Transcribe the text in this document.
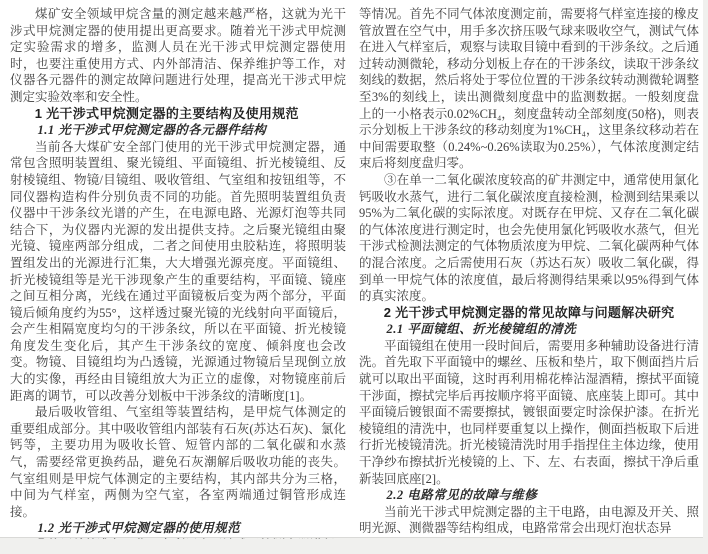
煤矿安全领域甲烷含量的测定越来越严格，这就为光干涉式甲烷测定器的使用提出更高要求。随着光干涉式甲烷测定实验需求的增多，监测人员在光干涉式甲烷测定器使用时，也要注重使用方式、内外部清洁、保养维护等工作，对仪器各元器件的测定故障问题进行处理，提高光干涉式甲烷测定实验效率和安全性。

1 光干涉式甲烷测定器的主要结构及使用规范

1.1 光干涉式甲烷测定器的各元器件结构

当前各大煤矿安全部门使用的光干涉式甲烷测定器，通常包含照明装置组、聚光镜组、平面镜组、折光棱镜组、反射棱镜组、物镜/目镜组、吸收管组、气室组和按钮组等，不同仪器构造构件分别负责不同的功能。首先照明装置组负责仪器中干涉条纹光谱的产生，在电源电路、光源灯泡等共同结合下，为仪器内光源的发出提供支持。之后聚光镜组由聚光镜、镜座两部分组成，二者之间使用虫胶粘连，将照明装置组发出的光源进行汇集，大大增强光源亮度。平面镜组、折光棱镜组等是光干涉现象产生的重要结构，平面镜、镜座之间互相分离，光线在通过平面镜板后变为两个部分，平面镜后倾角度约为55°，这样透过聚光镜的光线射向平面镜后，会产生相隔宽度均匀的干涉条纹，所以在平面镜、折光棱镜角度发生变化后，其产生干涉条纹的宽度、倾斜度也会改变。物镜、目镜组均为凸透镜，光源通过物镜后呈现倒立放大的实像，再经由目镜组放大为正立的虚像，对物镜座前后距离的调节，可以改善分划板中干涉条纹的清晰度[1]。

最后吸收管组、气室组等装置结构，是甲烷气体测定的重要组成部分。其中吸收管组内部装有石灰(苏达石灰)、氯化钙等，主要功用为吸收长管、短管内部的二氧化碳和水蒸气，需要经常更换药品，避免石灰潮解后吸收功能的丧失。气室组则是甲烷气体测定的主要结构，其内部共分为三格，中间为气样室，两侧为空气室，各室两端通过铜管形成连接。

1.2 光干涉式甲烷测定器的使用规范

等情况。首先不同气体浓度测定前，需要将气样室连接的橡皮管放置在空气中，用手多次挤压吸气球来吸收空气，测试气体在进入气样室后，观察与读取目镜中看到的干涉条纹。之后通过转动测微轮，移动分划板上存在的干涉条纹，读取干涉条纹刻线的数据，然后将处于零位位置的干涉条纹转动测微轮调整至3%的刻线上，读出测微刻度盘中的监测数据。一般刻度盘上的一小格表示0.02%CH₄，刻度盘转动全部刻度(50格)，则表示分划板上干涉条纹的移动刻度为1%CH₄，这里条纹移动若在中间需要取整（0.24%~0.26%读取为0.25%），气体浓度测定结束后将刻度盘归零。

③在单一二氧化碳浓度较高的矿井测定中，通常使用氯化钙吸收水蒸气，进行二氧化碳浓度直接检测，检测到结果乘以95%为二氧化碳的实际浓度。对既存在甲烷、又存在二氧化碳的气体浓度进行测定时，也会先使用氯化钙吸收水蒸气，但光干涉式检测法测定的气体物质浓度为甲烷、二氧化碳两种气体的混合浓度。之后需使用石灰（苏达石灰）吸收二氧化碳，得到单一甲烷气体的浓度值，最后将测得结果乘以95%得到气体的真实浓度。

2 光干涉式甲烷测定器的常见故障与问题解决研究

2.1 平面镜组、折光棱镜组的清洗

平面镜组在使用一段时间后，需要用多种辅助设备进行清洗。首先取下平面镜中的螺丝、压板和垫片，取下侧面挡片后就可以取出平面镜，这时再利用棉花棒沾湿酒精，擦拭平面镜干涉面，擦拭完毕后再按顺序将平面镜、底座装上即可。其中平面镜后镀银面不需要擦拭，镀银面要定时涂保护漆。在折光棱镜组的清洗中，也同样要重复以上操作，侧面挡板取下后进行折光棱镜清洗。折光棱镜清洗时用手指捏住主体边缘，使用干净纱布擦拭折光棱镜的上、下、左、右表面，擦拭干净后重新装回底座[2]。

2.2 电路常见的故障与维修

当前光干涉式甲烷测定器的主干电路，由电源及开关、照明光源、测微器等结构组成，电路常常会出现灯泡状态异
